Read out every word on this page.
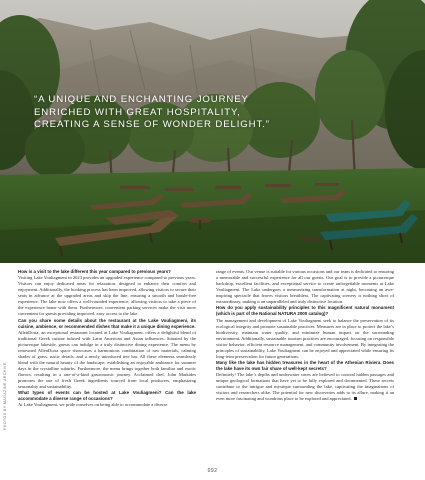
“A UNIQUE AND ENCHANTING JOURNEY
ENRICHED WITH GREAT HOSPITALITY,
CREATING A SENSE OF WONDER DELIGHT.”
PHOTOS BY MAGAZINE ARCHIVE

How is a visit to the lake different this year compared to previous years?

Visiting Lake Vouliagmeni in 2023 provides an upgraded experience compared to previous years. Visitors can enjoy dedicated areas for relaxation, designed to enhance their comfort and enjoyment. Additionally, the booking process has been improved, allowing visitors to secure their seats in advance at the upgraded areas and skip the line, ensuring a smooth and hassle-free experience. The lake now offers a well-rounded experience, allowing visitors to take a piece of the experience home with them. Furthermore, convenient parking services make the visit more convenient for guests providing improved, easy access to the lake.

Can you share some details about the restaurant at the Lake Vouliagmeni, its cuisine, ambience, or recommended dishes that make it a unique dining experience.

AllenDorta, an exceptional restaurant located at Lake Vouliagmeni, offers a delightful blend of traditional Greek cuisine infused with Latin American and Asian influences. Situated by the picturesque lakeside, guests can indulge in a truly distinctive dining experience. The menu by renowned AllenDorta space showcases a harmonious combination of raw materials, calming shades of grass, rustic details, and a newly introduced tree bar. All these elements seamlessly blend with the natural beauty of the landscape, establishing an enjoyable ambiance for summer days in the crystalline suburbs. Furthermore, the menu brings together both familiar and exotic flavors, resulting in a one-of-a-kind gastronomic journey. Acclaimed chef, John Markides promotes the use of fresh Greek ingredients sourced from local producers, emphasizing seasonality and sustainability.

What types of events can be hosted at Lake Vouliagmeni? Can the lake accommodate a diverse range of occasions?

At Lake Vouliagmeni, we pride ourselves on being able to accommodate a diverse

range of events. Our venue is suitable for various occasions and our team is dedicated to ensuring a memorable and successful experience for all our guests. Our goal is to provide a picturesque backdrop, excellent facilities, and exceptional service to create unforgettable moments at Lake Vouliagmeni. The Lake undergoes a mesmerizing transformation at night, becoming an awe-inspiring spectacle that leaves visitors breathless. The captivating scenery is nothing short of extraordinary, making it an unparalleled and truly distinctive location.

How do you apply sustainability principles to this magnificent natural monument (which is part of the National NATURA 2000 catalog)?

The management and development of Lake Vouliagmeni seek to balance the preservation of its ecological integrity and promote sustainable practices. Measures are in place to protect the lake’s biodiversity, maintain water quality, and minimize human impact on the surrounding environment. Additionally, sustainable tourism practices are encouraged, focusing on responsible visitor behavior, efficient resource management, and community involvement. By integrating the principles of sustainability, Lake Vouliagmeni can be enjoyed and appreciated while ensuring its long-term preservation for future generations.

Many like the lake has hidden treasures in the heart of the Athenian Riviera. Does the lake have its own fair share of well-kept secrets?

Definitely! The lake’s depths and underwater caves are believed to conceal hidden passages and unique geological formations that have yet to be fully explored and documented. These secrets contribute to the intrigue and mystique surrounding the lake, captivating the imaginations of visitors and researchers alike. The potential for new discoveries adds to its allure, making it an even more fascinating and wondrous place to be explored and appreciated.

092
